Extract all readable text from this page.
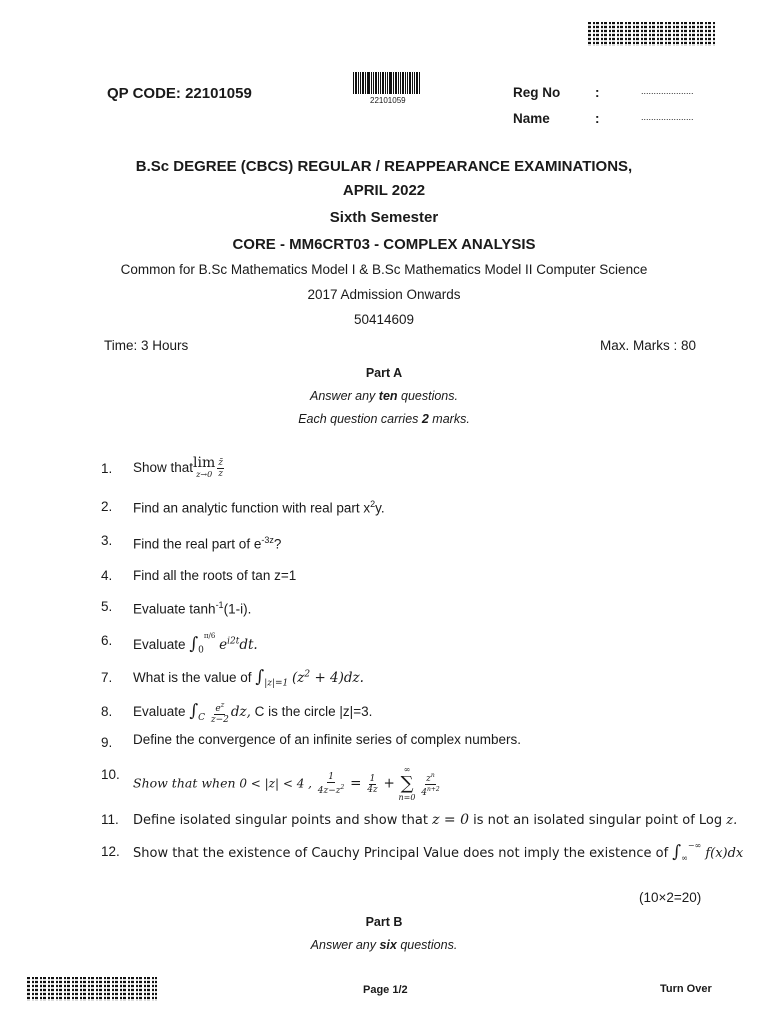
QP CODE: 22101059	22101059
Reg No	:	.....................
Name	:	.....................
B.Sc DEGREE (CBCS) REGULAR / REAPPEARANCE EXAMINATIONS,
APRIL 2022
Sixth Semester
CORE - MM6CRT03 - COMPLEX ANALYSIS
Common for B.Sc Mathematics Model I & B.Sc Mathematics Model II Computer Science
2017 Admission Onwards
50414609
Time: 3 Hours	Max. Marks : 80
Part A
Answer any ten questions.
Each question carries 2 marks.
1. Show that lim
$z\to 0 \frac{z̄}{z}$
2. Find an analytic function with real part $x^2y$.
3. Find the real part of $e^{-3z}$?
4. Find all the roots of tan z=1
5. Evaluate $\tanh^{-1}(1-i)$.
6. Evaluate $\int_0^{\pi/6}$ $e^{i2t}dt$.
7. What is the value of $\int_{|z|=1}$ $(z^2 + 4)dz$.
8. Evaluate $\int_C \frac{e^z}{z-2}$ dz, C is the circle |z|=3.
9. Define the convergence of an infinite series of complex numbers.
10.
Show that when 0 < |z| < 4 , $\frac{1}{4z-z^2} = \frac{1}{4z}$ +
∞
∑
n=0
$\frac{z^n}{4^{n+2}}$
11. Define isolated singular points and show that z = 0 is not an isolated singular point of Log z.
12. Show that the existence of Cauchy Principal Value does not imply the existence of $\int_\infty^{-\infty}$ f(x)dx
(10×2=20)
Part B
Answer any six questions.
Page 1/2	Turn Over
